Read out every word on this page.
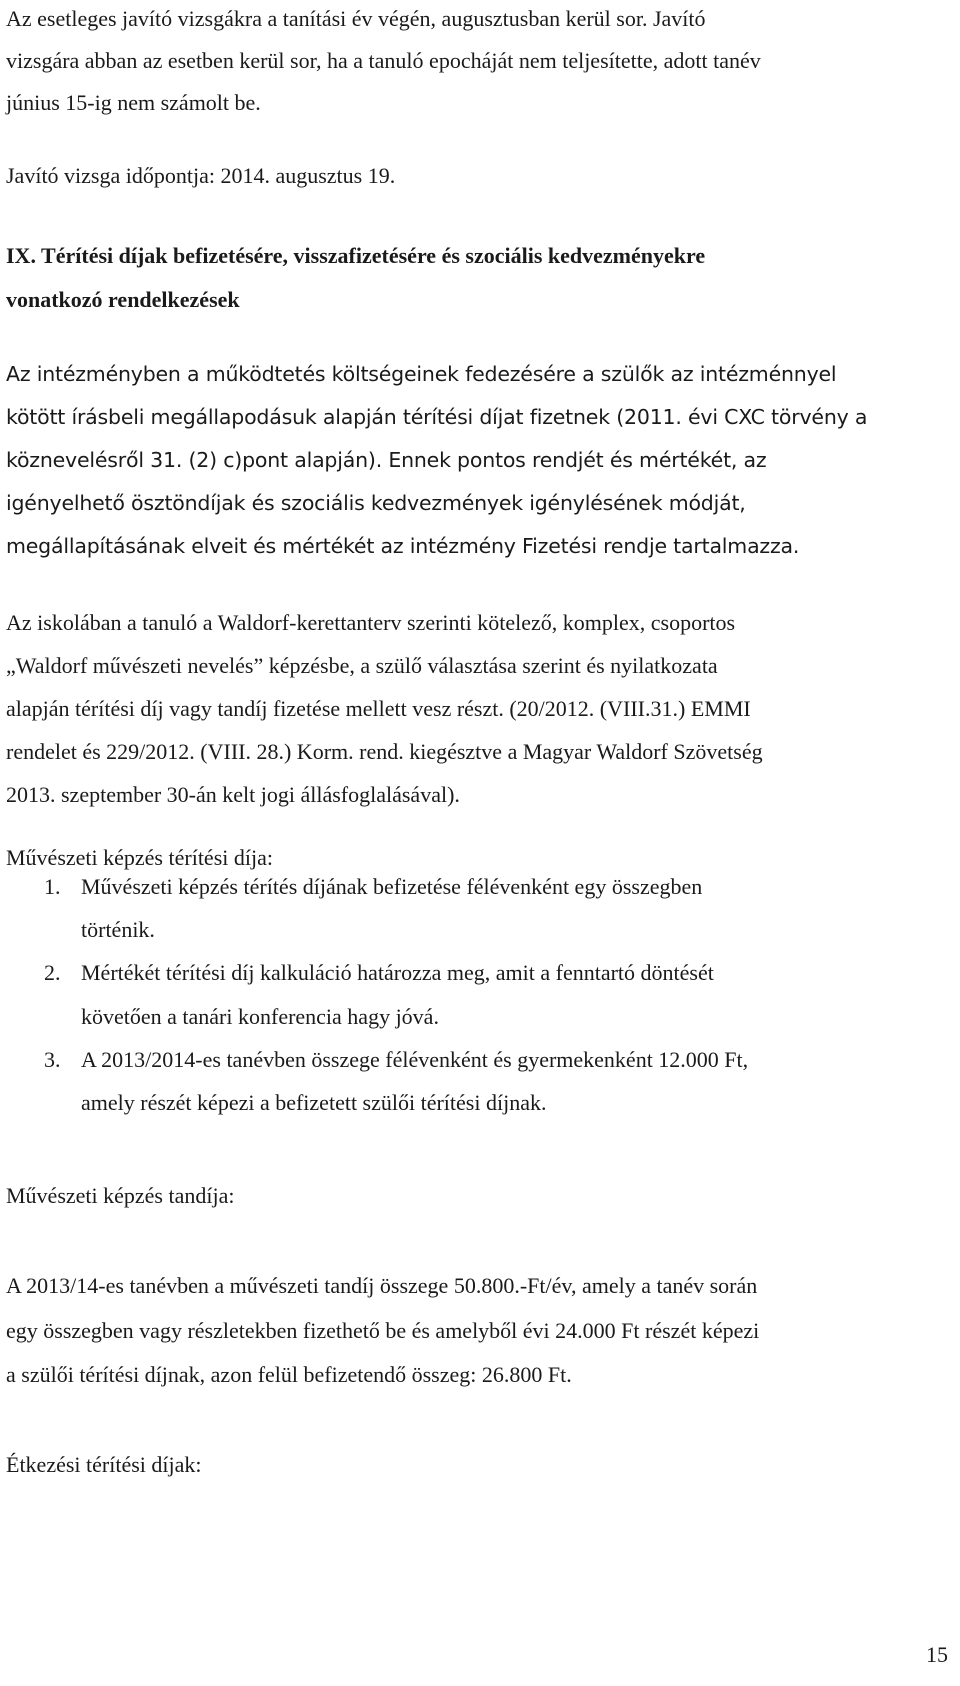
Az esetleges javító vizsgákra a tanítási év végén, augusztusban kerül sor. Javító
vizsgára abban az esetben kerül sor, ha a tanuló epocháját nem teljesítette, adott tanév
június 15-ig nem számolt be.
Javító vizsga időpontja: 2014. augusztus 19.
IX. Térítési díjak befizetésére, visszafizetésére és szociális kedvezményekre
vonatkozó rendelkezések
Az intézményben a működtetés költségeinek fedezésére a szülők az intézménnyel
kötött írásbeli megállapodásuk alapján térítési díjat fizetnek (2011. évi CXC törvény a
köznevelésről 31. (2) c)pont alapján). Ennek pontos rendjét és mértékét, az
igényelhető ösztöndíjak és szociális kedvezmények igénylésének módját,
megállapításának elveit és mértékét az intézmény Fizetési rendje tartalmazza.
Az iskolában a tanuló a Waldorf-kerettanterv szerinti kötelező, komplex, csoportos
„Waldorf művészeti nevelés” képzésbe, a szülő választása szerint és nyilatkozata
alapján térítési díj vagy tandíj fizetése mellett vesz részt. (20/2012. (VIII.31.) EMMI
rendelet és 229/2012. (VIII. 28.) Korm. rend. kiegésztve a Magyar Waldorf Szövetség
2013. szeptember 30-án kelt jogi állásfoglalásával).
Művészeti képzés térítési díja:
1. Művészeti képzés térítés díjának befizetése félévenként egy összegben
történik.
2. Mértékét térítési díj kalkuláció határozza meg, amit a fenntartó döntését
követően a tanári konferencia hagy jóvá.
3. A 2013/2014-es tanévben összege félévenként és gyermekenként 12.000 Ft,
amely részét képezi a befizetett szülői térítési díjnak.
Művészeti képzés tandíja:
A 2013/14-es tanévben a művészeti tandíj összege 50.800.-Ft/év, amely a tanév során
egy összegben vagy részletekben fizethető be és amelyből évi 24.000 Ft részét képezi
a szülői térítési díjnak, azon felül befizetendő összeg: 26.800 Ft.
Étkezési térítési díjak:
15
